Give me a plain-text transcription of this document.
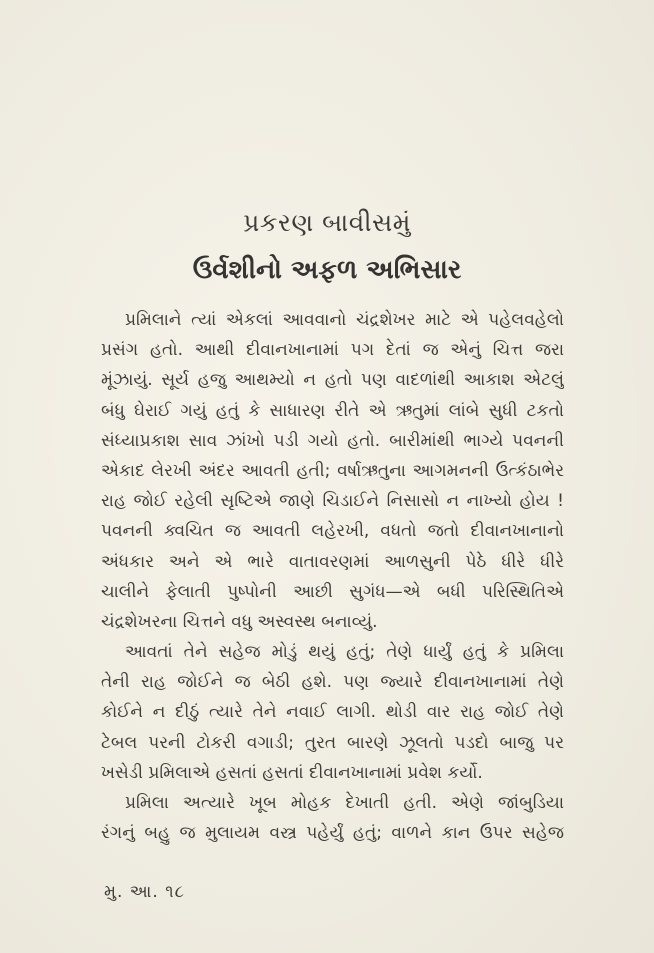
પ્રકરણ બાવીસમું
ઉર્વશીનો અફળ અભિસાર
પ્રમિલાને ત્યાં એકલાં આવવાનો ચંદ્રશેખર માટે એ પહેલવહેલો
પ્રસંગ હતો. આથી દીવાનખાનામાં પગ દેતાં જ એનું ચિત્ત જરા
મૂંઝાયું. સૂર્ય હજુ આથમ્યો ન હતો પણ વાદળાંથી આકાશ એટલું
બંધુ ઘેરાઈ ગયું હતું કે સાધારણ રીતે એ ઋતુમાં લાંબે સુધી ટકતો
સંધ્યાપ્રકાશ સાવ ઝાંખો પડી ગયો હતો. બારીમાંથી ભાગ્યે પવનની
એકાદ લેરખી અંદર આવતી હતી; વર્ષાઋતુના આગમનની ઉત્કંઠાભેર
રાહ જોઈ રહેલી સૃષ્ટિએ જાણે ચિડાઈને નિસાસો ન નાખ્યો હોય !
પવનની ક્વચિત જ આવતી લહેરખી, વધતો જતો દીવાનખાનાનો
અંધકાર અને એ ભારે વાતાવરણમાં આળસુની પેઠે ધીરે ધીરે
ચાલીને ફેલાતી પુષ્પોની આછી સુગંધ—એ બધી પરિસ્થિતિએ
ચંદ્રશેખરના ચિત્તને વધુ અસ્વસ્થ બનાવ્યું.
આવતાં તેને સહેજ મોડું થયું હતું; તેણે ધાર્યું હતું કે પ્રમિલા
તેની રાહ જોઈને જ બેઠી હશે. પણ જ્યારે દીવાનખાનામાં તેણે
કોઈને ન દીઠું ત્યારે તેને નવાઈ લાગી. થોડી વાર રાહ જોઈ તેણે
ટેબલ પરની ટોકરી વગાડી; તુરત બારણે ઝૂલતો પડદો બાજુ પર
ખસેડી પ્રમિલાએ હસતાં હસતાં દીવાનખાનામાં પ્રવેશ કર્યો.
પ્રમિલા અત્યારે ખૂબ મોહક દેખાતી હતી. એણે જાંબુડિયા
રંગનું બહુ જ મુલાયમ વસ્ત્ર પહેર્યું હતું; વાળને કાન ઉપર સહેજ
મુ. આ. ૧૮
